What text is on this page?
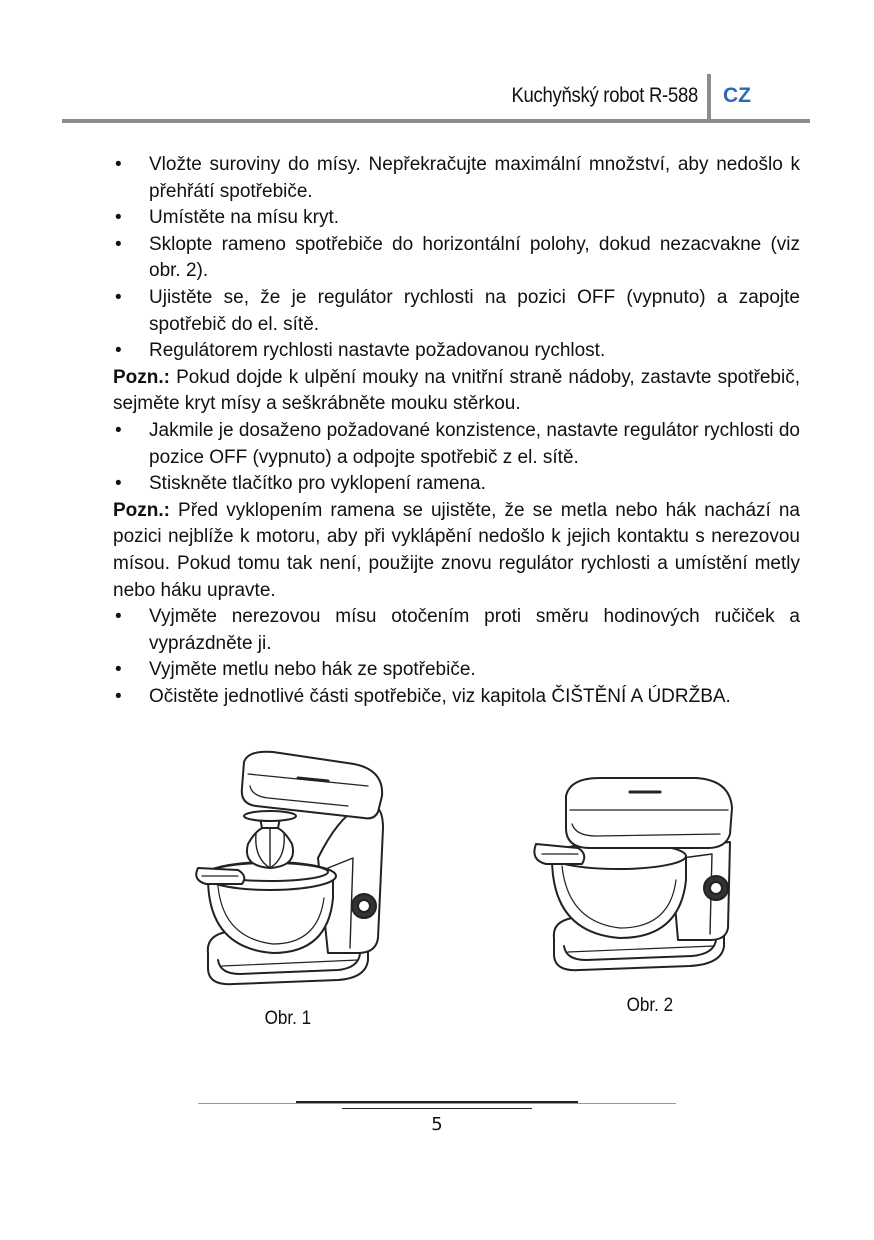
Kuchyňský robot R-588 CZ
• Vložte suroviny do mísy. Nepřekračujte maximální množství, aby nedošlo k přehřátí spotřebiče.
• Umístěte na mísu kryt.
• Sklopte rameno spotřebiče do horizontální polohy, dokud nezacvakne (viz obr. 2).
• Ujistěte se, že je regulátor rychlosti na pozici OFF (vypnuto) a zapojte spotřebič do el. sítě.
• Regulátorem rychlosti nastavte požadovanou rychlost.

Pozn.: Pokud dojde k ulpění mouky na vnitřní straně nádoby, zastavte spotřebič, sejměte kryt mísy a seškrábněte mouku stěrkou.

• Jakmile je dosaženo požadované konzistence, nastavte regulátor rychlosti do pozice OFF (vypnuto) a odpojte spotřebič z el. sítě.
• Stiskněte tlačítko pro vyklopení ramena.

Pozn.: Před vyklopením ramena se ujistěte, že se metla nebo hák nachází na pozici nejblíže k motoru, aby při vyklápění nedošlo k jejich kontaktu s nerezovou mísou. Pokud tomu tak není, použijte znovu regulátor rychlosti a umístění metly nebo háku upravte.

• Vyjměte nerezovou mísu otočením proti směru hodinových ručiček a vyprázdněte ji.
• Vyjměte metlu nebo hák ze spotřebiče.
• Očistěte jednotlivé části spotřebiče, viz kapitola ČIŠTĚNÍ A ÚDRŽBA.
Obr. 1
Obr. 2
5
